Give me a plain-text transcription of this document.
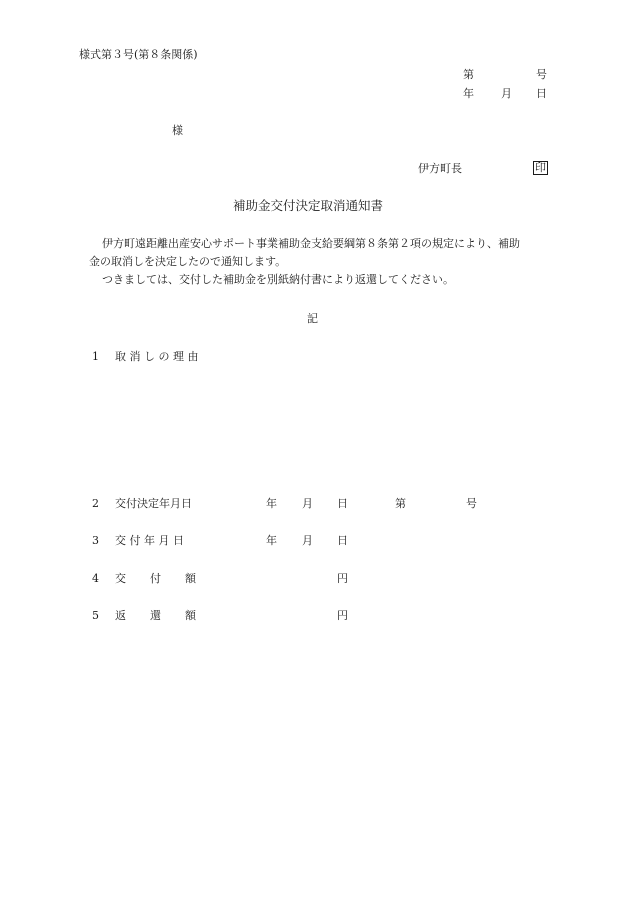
様式第３号(第８条関係)
第	号
年 月 日
様
伊方町長	印
補助金交付決定取消通知書
伊方町遠距離出産安心サポート事業補助金支給要綱第８条第２項の規定により、補助
金の取消しを決定したので通知します。
つきましては、交付した補助金を別紙納付書により返還してください。
記
1 取 消 し の 理 由
2 交付決定年月日	年 月 日	第	号
3 交 付 年 月 日	年 月 日
4 交 付 額	円
5 返 還 額	円
